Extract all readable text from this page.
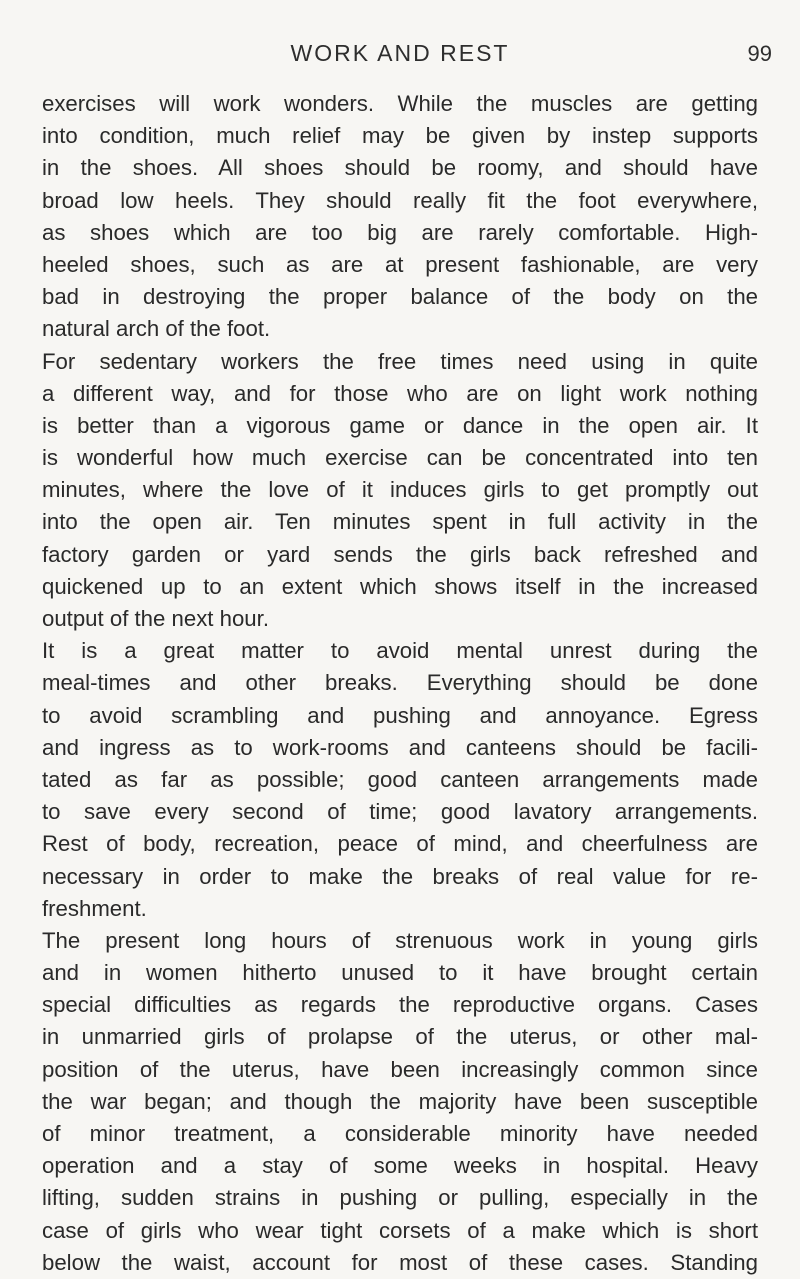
WORK AND REST	99
exercises will work wonders. While the muscles are getting
into condition, much relief may be given by instep supports
in the shoes. All shoes should be roomy, and should have
broad low heels. They should really fit the foot everywhere,
as shoes which are too big are rarely comfortable. High-
heeled shoes, such as are at present fashionable, are very
bad in destroying the proper balance of the body on the
natural arch of the foot.
For sedentary workers the free times need using in quite
a different way, and for those who are on light work nothing
is better than a vigorous game or dance in the open air. It
is wonderful how much exercise can be concentrated into ten
minutes, where the love of it induces girls to get promptly out
into the open air. Ten minutes spent in full activity in the
factory garden or yard sends the girls back refreshed and
quickened up to an extent which shows itself in the increased
output of the next hour.
It is a great matter to avoid mental unrest during the
meal-times and other breaks. Everything should be done
to avoid scrambling and pushing and annoyance. Egress
and ingress as to work-rooms and canteens should be facili-
tated as far as possible; good canteen arrangements made
to save every second of time; good lavatory arrangements.
Rest of body, recreation, peace of mind, and cheerfulness are
necessary in order to make the breaks of real value for re-
freshment.
The present long hours of strenuous work in young girls
and in women hitherto unused to it have brought certain
special difficulties as regards the reproductive organs. Cases
in unmarried girls of prolapse of the uterus, or other mal-
position of the uterus, have been increasingly common since
the war began; and though the majority have been susceptible
of minor treatment, a considerable minority have needed
operation and a stay of some weeks in hospital. Heavy
lifting, sudden strains in pushing or pulling, especially in the
case of girls who wear tight corsets of a make which is short
below the waist, account for most of these cases. Standing
